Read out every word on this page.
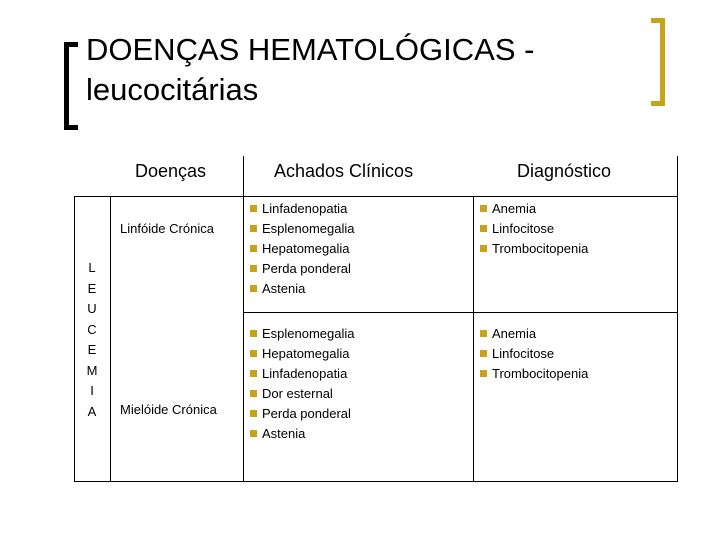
DOENÇAS HEMATOLÓGICAS -
leucocitárias
Doenças	Achados Clínicos	Diagnóstico
L
E
U
C
E
M
I
A
Linfóide Crónica
Mielóide Crónica
Linfadenopatia
Esplenomegalia
Hepatomegalia
Perda ponderal
Astenia
Anemia
Linfocitose
Trombocitopenia
Esplenomegalia
Hepatomegalia
Linfadenopatia
Dor esternal
Perda ponderal
Astenia
Anemia
Linfocitose
Trombocitopenia
